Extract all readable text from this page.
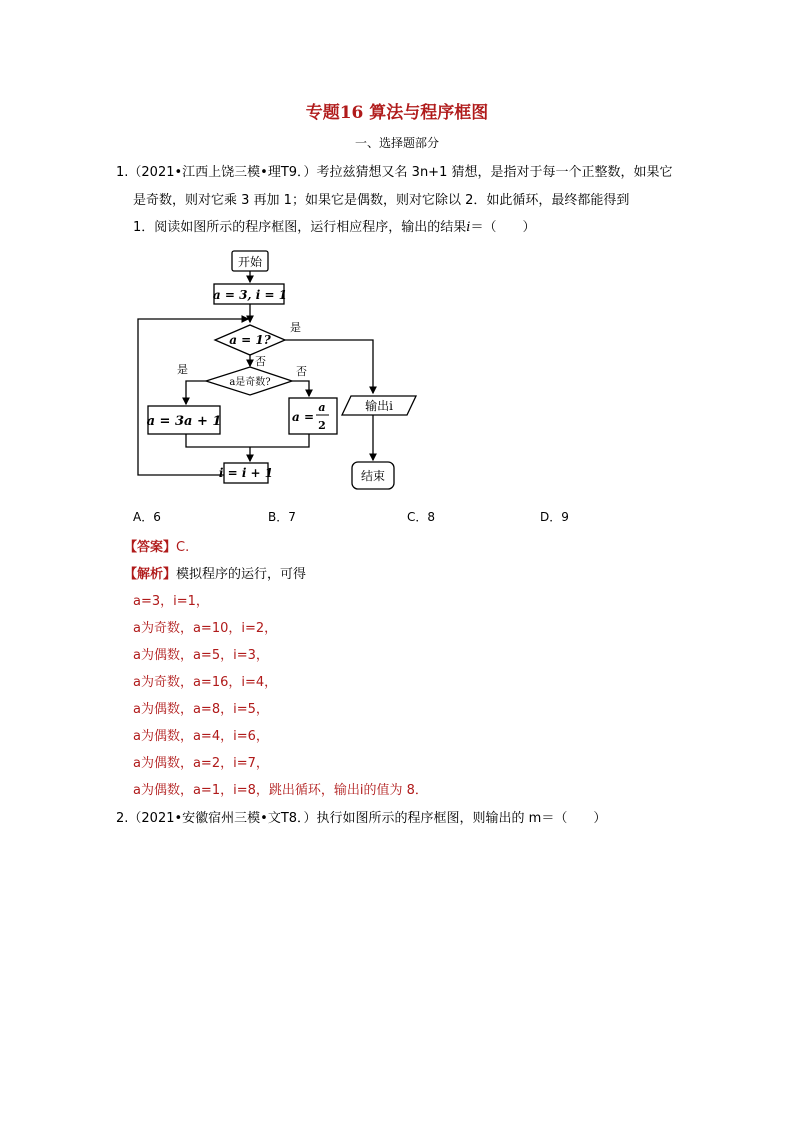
专题16 算法与程序框图
一、选择题部分
1.（2021•江西上饶三模•理T9．）考拉兹猜想又名 3n+1 猜想，是指对于每一个正整数，如果它
是奇数，则对它乘 3 再加 1；如果它是偶数，则对它除以 2．如此循环，最终都能得到
1．阅读如图所示的程序框图，运行相应程序，输出的结果i＝（　　）
开始
a = 3, i = 1
a = 1?
是
否
a是奇数?
是	否
a = 3a + 1	a =
a
2
i = i + 1
输出i
结束
A．6	B．7	C．8	D．9
【答案】C.
【解析】模拟程序的运行，可得
a=3，i=1，
a为奇数，a=10，i=2，
a为偶数，a=5，i=3，
a为奇数，a=16，i=4，
a为偶数，a=8，i=5，
a为偶数，a=4，i=6，
a为偶数，a=2，i=7，
a为偶数，a=1，i=8，跳出循环，输出i的值为 8．
2.（2021•安徽宿州三模•文T8．）执行如图所示的程序框图，则输出的 m＝（　　）
